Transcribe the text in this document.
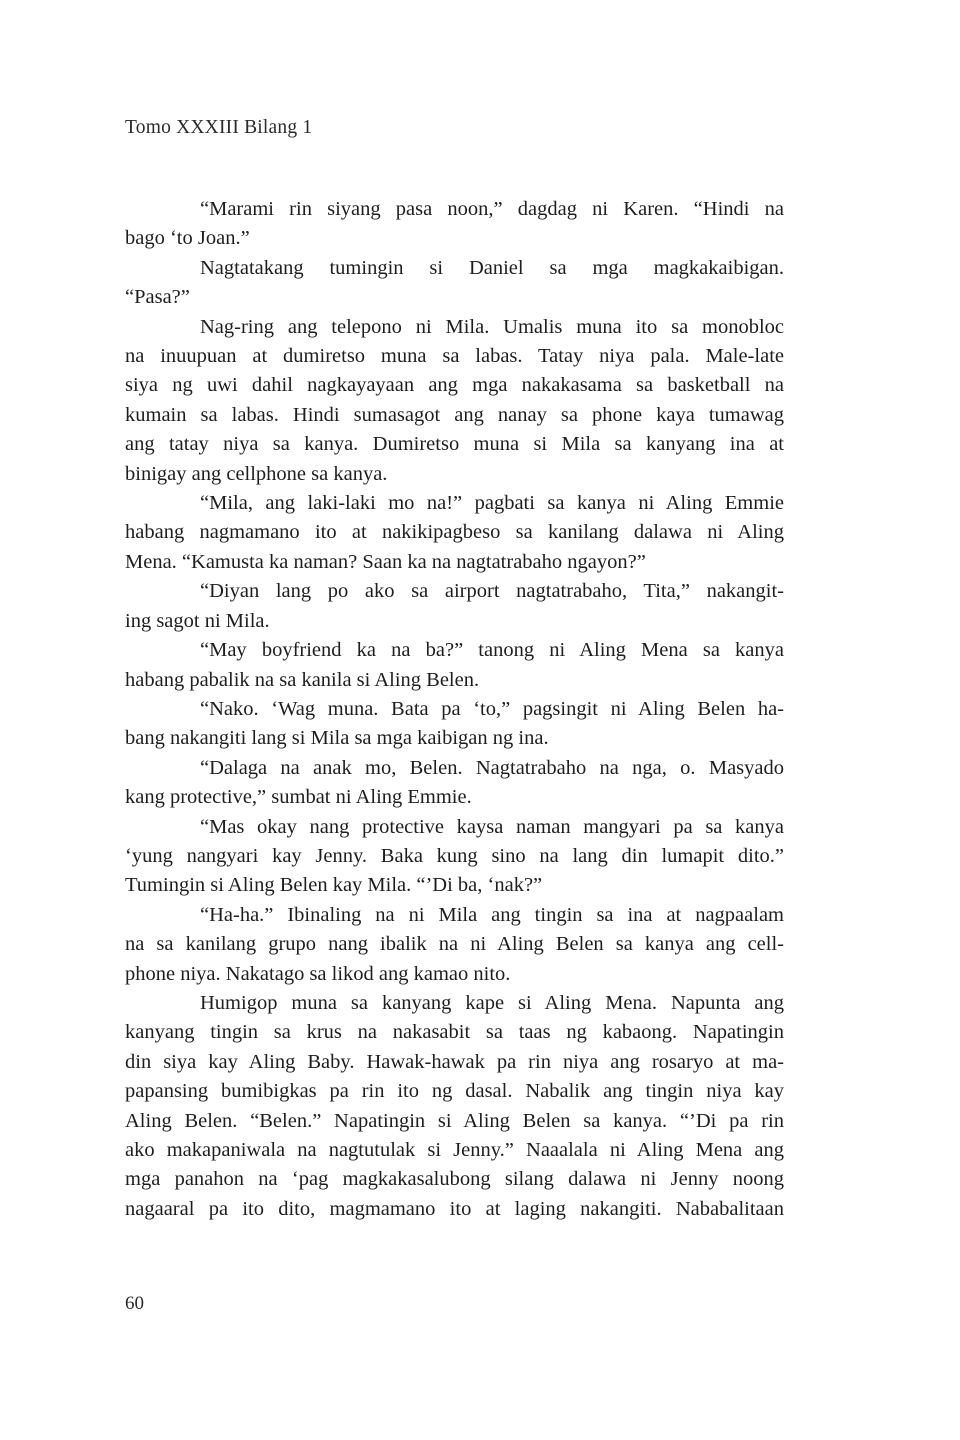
Tomo XXXIII Bilang 1
“Marami rin siyang pasa noon,” dagdag ni Karen. “Hindi na
bago ‘to Joan.”
Nagtatakang tumingin si Daniel sa mga magkakaibigan.
“Pasa?”
Nag-ring ang telepono ni Mila. Umalis muna ito sa monobloc
na inuupuan at dumiretso muna sa labas. Tatay niya pala. Male-late
siya ng uwi dahil nagkayayaan ang mga nakakasama sa basketball na
kumain sa labas. Hindi sumasagot ang nanay sa phone kaya tumawag
ang tatay niya sa kanya. Dumiretso muna si Mila sa kanyang ina at
binigay ang cellphone sa kanya.
“Mila, ang laki-laki mo na!” pagbati sa kanya ni Aling Emmie
habang nagmamano ito at nakikipagbeso sa kanilang dalawa ni Aling
Mena. “Kamusta ka naman? Saan ka na nagtatrabaho ngayon?”
“Diyan lang po ako sa airport nagtatrabaho, Tita,” nakangit-
ing sagot ni Mila.
“May boyfriend ka na ba?” tanong ni Aling Mena sa kanya
habang pabalik na sa kanila si Aling Belen.
“Nako. ‘Wag muna. Bata pa ‘to,” pagsingit ni Aling Belen ha-
bang nakangiti lang si Mila sa mga kaibigan ng ina.
“Dalaga na anak mo, Belen. Nagtatrabaho na nga, o. Masyado
kang protective,” sumbat ni Aling Emmie.
“Mas okay nang protective kaysa naman mangyari pa sa kanya
‘yung nangyari kay Jenny. Baka kung sino na lang din lumapit dito.”
Tumingin si Aling Belen kay Mila. “’Di ba, ‘nak?”
“Ha-ha.” Ibinaling na ni Mila ang tingin sa ina at nagpaalam
na sa kanilang grupo nang ibalik na ni Aling Belen sa kanya ang cell-
phone niya. Nakatago sa likod ang kamao nito.
Humigop muna sa kanyang kape si Aling Mena. Napunta ang
kanyang tingin sa krus na nakasabit sa taas ng kabaong. Napatingin
din siya kay Aling Baby. Hawak-hawak pa rin niya ang rosaryo at ma-
papansing bumibigkas pa rin ito ng dasal. Nabalik ang tingin niya kay
Aling Belen. “Belen.” Napatingin si Aling Belen sa kanya. “’Di pa rin
ako makapaniwala na nagtutulak si Jenny.” Naaalala ni Aling Mena ang
mga panahon na ‘pag magkakasalubong silang dalawa ni Jenny noong
nagaaral pa ito dito, magmamano ito at laging nakangiti. Nababalitaan
60
